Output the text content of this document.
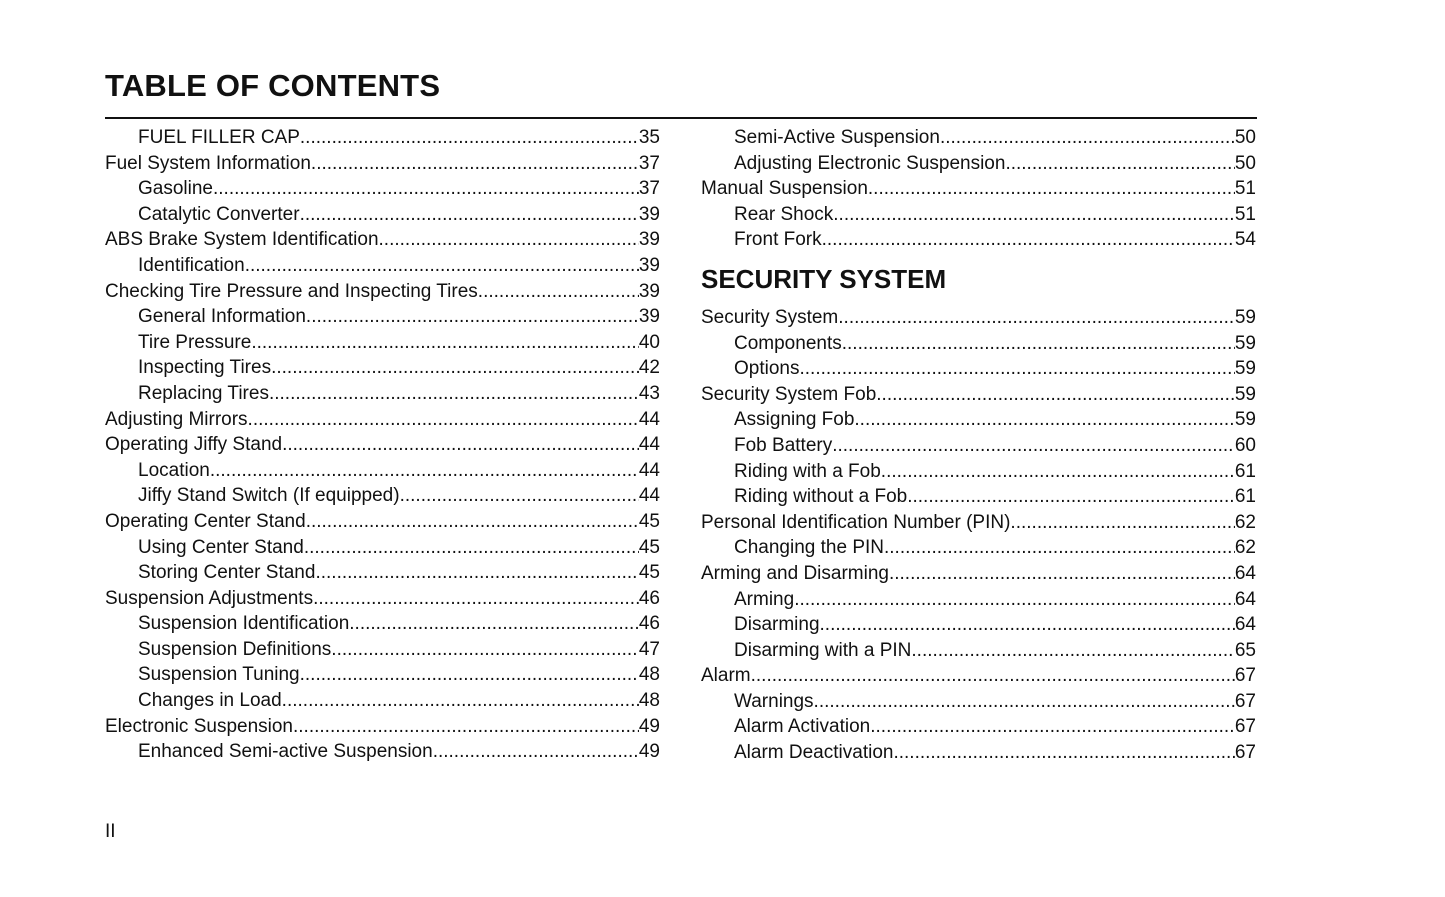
TABLE OF CONTENTS
FUEL FILLER CAP .....	35
Fuel System Information .....	37
Gasoline .....	37
Catalytic Converter .....	39
ABS Brake System Identification .....	39
Identification .....	39
Checking Tire Pressure and Inspecting Tires .....	39
General Information .....	39
Tire Pressure .....	40
Inspecting Tires .....	42
Replacing Tires .....	43
Adjusting Mirrors .....	44
Operating Jiffy Stand .....	44
Location .....	44
Jiffy Stand Switch (If equipped) .....	44
Operating Center Stand .....	45
Using Center Stand .....	45
Storing Center Stand .....	45
Suspension Adjustments .....	46
Suspension Identification .....	46
Suspension Definitions .....	47
Suspension Tuning .....	48
Changes in Load .....	48
Electronic Suspension .....	49
Enhanced Semi-active Suspension .....	49
Semi-Active Suspension .....	50
Adjusting Electronic Suspension .....	50
Manual Suspension .....	51
Rear Shock .....	51
Front Fork .....	54
SECURITY SYSTEM
Security System .....	59
Components .....	59
Options .....	59
Security System Fob .....	59
Assigning Fob .....	59
Fob Battery .....	60
Riding with a Fob .....	61
Riding without a Fob .....	61
Personal Identification Number (PIN) .....	62
Changing the PIN .....	62
Arming and Disarming .....	64
Arming .....	64
Disarming .....	64
Disarming with a PIN .....	65
Alarm .....	67
Warnings .....	67
Alarm Activation .....	67
Alarm Deactivation .....	67
II
